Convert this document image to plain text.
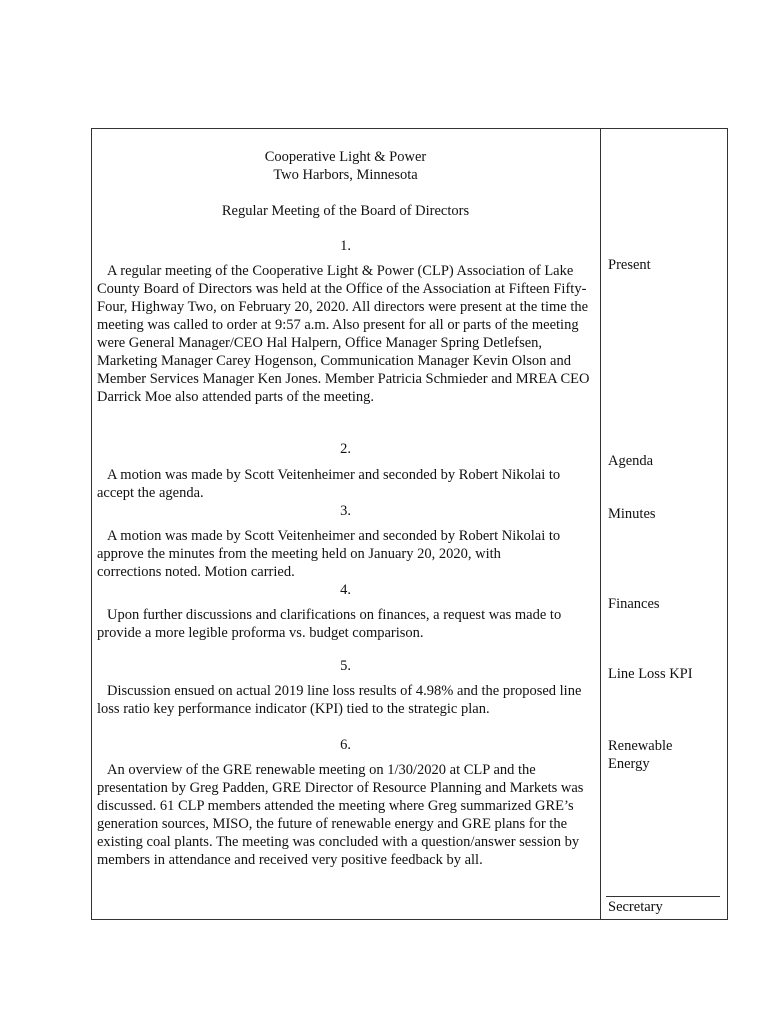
Cooperative Light & Power
Two Harbors, Minnesota
Regular Meeting of the Board of Directors
1.

A regular meeting of the Cooperative Light & Power (CLP) Association of Lake County Board of Directors was held at the Office of the Association at Fifteen Fifty-Four, Highway Two, on February 20, 2020. All directors were present at the time the meeting was called to order at 9:57 a.m. Also present for all or parts of the meeting were General Manager/CEO Hal Halpern, Office Manager Spring Detlefsen, Marketing Manager Carey Hogenson, Communication Manager Kevin Olson and Member Services Manager Ken Jones. Member Patricia Schmieder and MREA CEO Darrick Moe also attended parts of the meeting.

2.

A motion was made by Scott Veitenheimer and seconded by Robert Nikolai to accept the agenda.

3.

A motion was made by Scott Veitenheimer and seconded by Robert Nikolai to approve the minutes from the meeting held on January 20, 2020, with corrections noted. Motion carried.

4.

Upon further discussions and clarifications on finances, a request was made to provide a more legible proforma vs. budget comparison.

5.

Discussion ensued on actual 2019 line loss results of 4.98% and the proposed line loss ratio key performance indicator (KPI) tied to the strategic plan.

6.

An overview of the GRE renewable meeting on 1/30/2020 at CLP and the presentation by Greg Padden, GRE Director of Resource Planning and Markets was discussed. 61 CLP members attended the meeting where Greg summarized GRE’s generation sources, MISO, the future of renewable energy and GRE plans for the existing coal plants. The meeting was concluded with a question/answer session by members in attendance and received very positive feedback by all.

Present
Agenda
Minutes
Finances
Line Loss KPI
Renewable
Energy
Secretary
